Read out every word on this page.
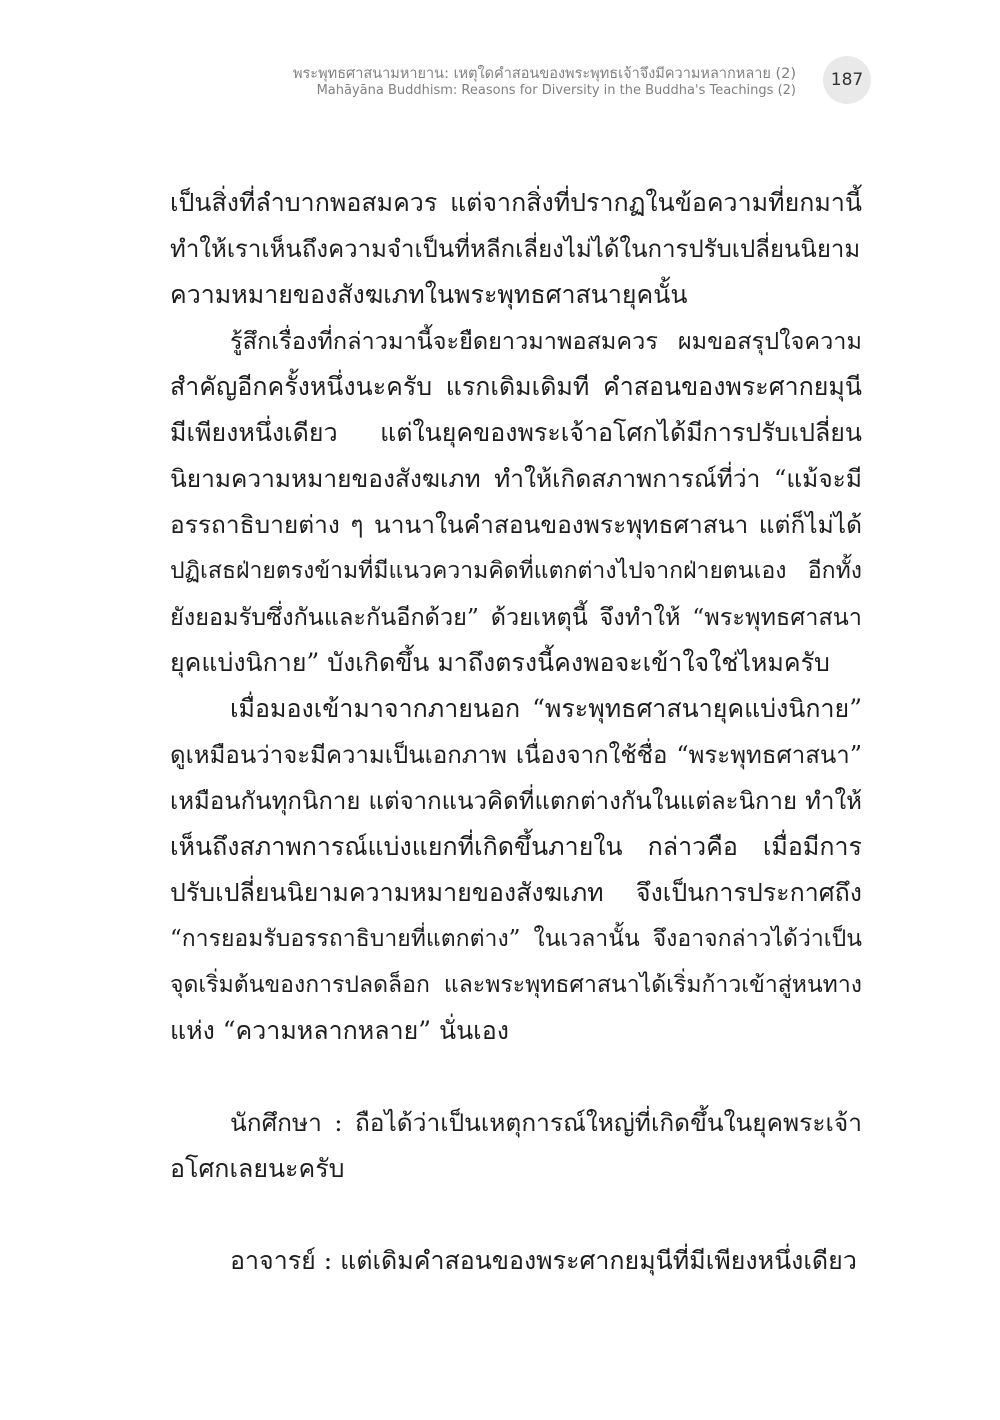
พระพุทธศาสนามหายาน: เหตุใดคำสอนของพระพุทธเจ้าจึงมีความหลากหลาย (2)
Mahāyāna Buddhism: Reasons for Diversity in the Buddha's Teachings (2)
187

เป็นสิ่งที่ลำบากพอสมควร แต่จากสิ่งที่ปรากฏในข้อความที่ยกมานี้
ทำให้เราเห็นถึงความจำเป็นที่หลีกเลี่ยงไม่ได้ในการปรับเปลี่ยนนิยาม
ความหมายของสังฆเภทในพระพุทธศาสนายุคนั้น

รู้สึกเรื่องที่กล่าวมานี้จะยืดยาวมาพอสมควร ผมขอสรุปใจความ
สำคัญอีกครั้งหนึ่งนะครับ แรกเดิมเดิมที คำสอนของพระศากยมุนี
มีเพียงหนึ่งเดียว แต่ในยุคของพระเจ้าอโศกได้มีการปรับเปลี่ยน
นิยามความหมายของสังฆเภท ทำให้เกิดสภาพการณ์ที่ว่า “แม้จะมี
อรรถาธิบายต่าง ๆ นานาในคำสอนของพระพุทธศาสนา แต่ก็ไม่ได้
ปฏิเสธฝ่ายตรงข้ามที่มีแนวความคิดที่แตกต่างไปจากฝ่ายตนเอง อีกทั้ง
ยังยอมรับซึ่งกันและกันอีกด้วย” ด้วยเหตุนี้ จึงทำให้ “พระพุทธศาสนา
ยุคแบ่งนิกาย” บังเกิดขึ้น มาถึงตรงนี้คงพอจะเข้าใจใช่ไหมครับ

เมื่อมองเข้ามาจากภายนอก “พระพุทธศาสนายุคแบ่งนิกาย”
ดูเหมือนว่าจะมีความเป็นเอกภาพ เนื่องจากใช้ชื่อ “พระพุทธศาสนา”
เหมือนกันทุกนิกาย แต่จากแนวคิดที่แตกต่างกันในแต่ละนิกาย ทำให้
เห็นถึงสภาพการณ์แบ่งแยกที่เกิดขึ้นภายใน กล่าวคือ เมื่อมีการ
ปรับเปลี่ยนนิยามความหมายของสังฆเภท จึงเป็นการประกาศถึง
“การยอมรับอรรถาธิบายที่แตกต่าง” ในเวลานั้น จึงอาจกล่าวได้ว่าเป็น
จุดเริ่มต้นของการปลดล็อก และพระพุทธศาสนาได้เริ่มก้าวเข้าสู่หนทาง
แห่ง “ความหลากหลาย” นั่นเอง

นักศึกษา : ถือได้ว่าเป็นเหตุการณ์ใหญ่ที่เกิดขึ้นในยุคพระเจ้า
อโศกเลยนะครับ

อาจารย์ : แต่เดิมคำสอนของพระศากยมุนีที่มีเพียงหนึ่งเดียว
